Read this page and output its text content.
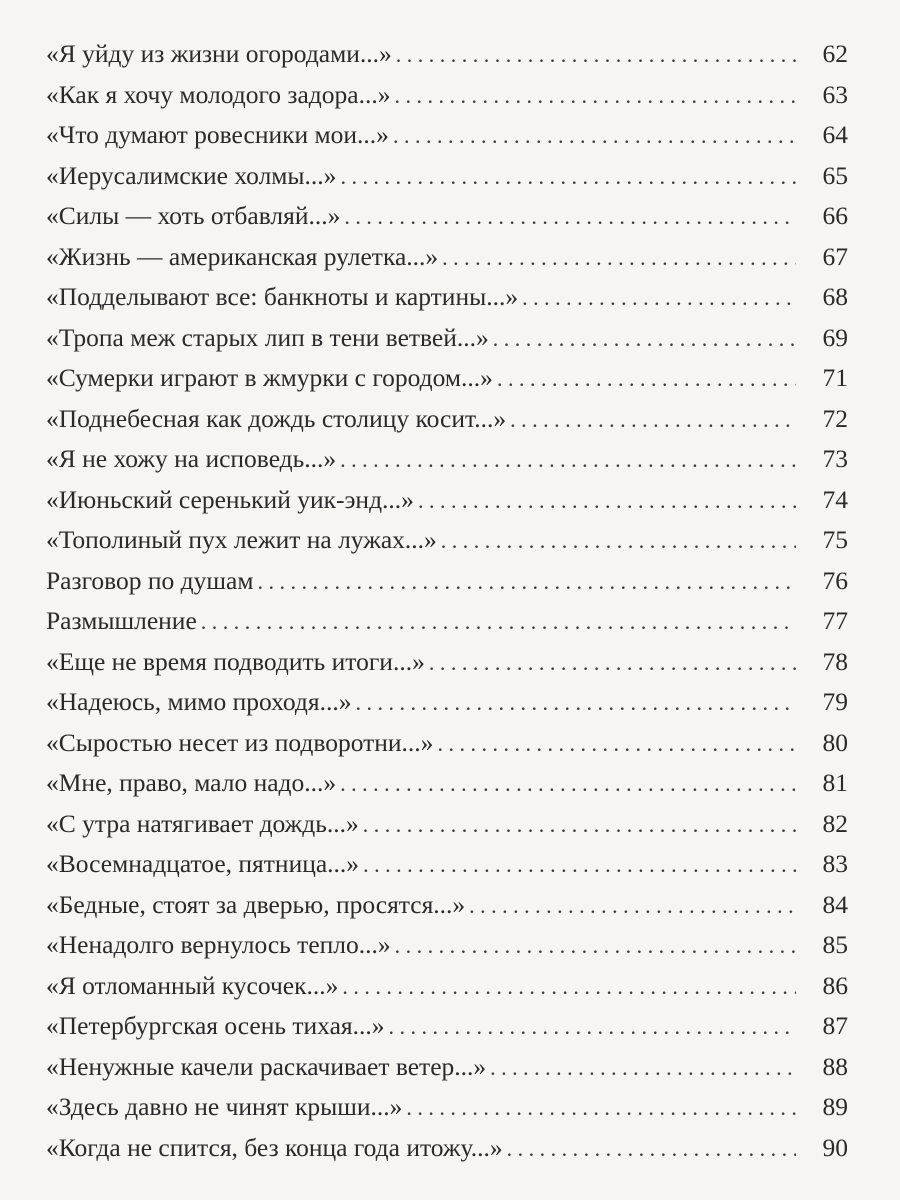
«Я уйду из жизни огородами...» . . .	62
«Как я хочу молодого задора...» . . .	63
«Что думают ровесники мои...» . . .	64
«Иерусалимские холмы...» . . .	65
«Силы — хоть отбавляй...» . . .	66
«Жизнь — американская рулетка...» . . .	67
«Подделывают все: банкноты и картины...» . . .	68
«Тропа меж старых лип в тени ветвей...» . . .	69
«Сумерки играют в жмурки с городом...» . . .	71
«Поднебесная как дождь столицу косит...» . . .	72
«Я не хожу на исповедь...» . . .	73
«Июньский серенький уик-энд...» . . .	74
«Тополиный пух лежит на лужах...» . . .	75
Разговор по душам . . .	76
Размышление . . .	77
«Еще не время подводить итоги...» . . .	78
«Надеюсь, мимо проходя...» . . .	79
«Сыростью несет из подворотни...» . . .	80
«Мне, право, мало надо...» . . .	81
«С утра натягивает дождь...» . . .	82
«Восемнадцатое, пятница...» . . .	83
«Бедные, стоят за дверью, просятся...» . . .	84
«Ненадолго вернулось тепло...» . . .	85
«Я отломанный кусочек...» . . .	86
«Петербургская осень тихая...» . . .	87
«Ненужные качели раскачивает ветер...» . . .	88
«Здесь давно не чинят крыши...» . . .	89
«Когда не спится, без конца года итожу...» . . .	90
